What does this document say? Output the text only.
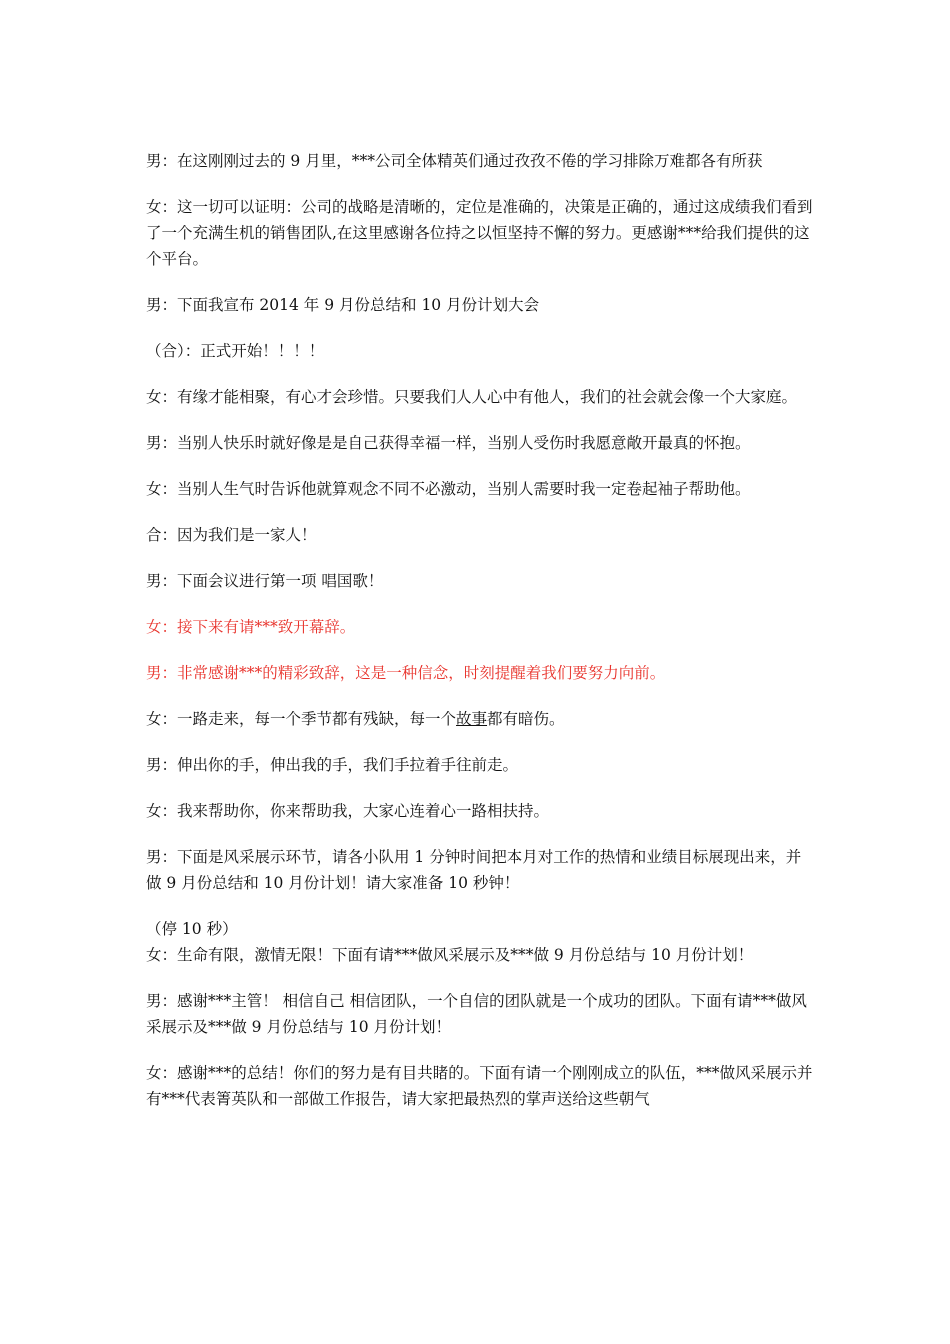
男：在这刚刚过去的 9 月里，***公司全体精英们通过孜孜不倦的学习排除万难都各有所获

女：这一切可以证明：公司的战略是清晰的，定位是准确的，决策是正确的，通过这成绩我们看到了一个充满生机的销售团队,在这里感谢各位持之以恒坚持不懈的努力。更感谢***给我们提供的这个平台。

男：下面我宣布 2014 年 9 月份总结和 10 月份计划大会

（合）：正式开始！！！！

女：有缘才能相聚，有心才会珍惜。只要我们人人心中有他人，我们的社会就会像一个大家庭。

男：当别人快乐时就好像是是自己获得幸福一样，当别人受伤时我愿意敞开最真的怀抱。

女：当别人生气时告诉他就算观念不同不必激动，当别人需要时我一定卷起袖子帮助他。

合：因为我们是一家人！

男：下面会议进行第一项 唱国歌！

女：接下来有请***致开幕辞。

男：非常感谢***的精彩致辞，这是一种信念，时刻提醒着我们要努力向前。

女：一路走来，每一个季节都有残缺，每一个故事都有暗伤。

男：伸出你的手，伸出我的手，我们手拉着手往前走。

女：我来帮助你，你来帮助我，大家心连着心一路相扶持。

男：下面是风采展示环节，请各小队用 1 分钟时间把本月对工作的热情和业绩目标展现出来，并做 9 月份总结和 10 月份计划！请大家准备 10 秒钟！

（停 10 秒）

女：生命有限，激情无限！下面有请***做风采展示及***做 9 月份总结与 10 月份计划！

男：感谢***主管！ 相信自己 相信团队，一个自信的团队就是一个成功的团队。下面有请***做风采展示及***做 9 月份总结与 10 月份计划！

女：感谢***的总结！你们的努力是有目共睹的。下面有请一个刚刚成立的队伍，***做风采展示并有***代表箐英队和一部做工作报告，请大家把最热烈的掌声送给这些朝气
